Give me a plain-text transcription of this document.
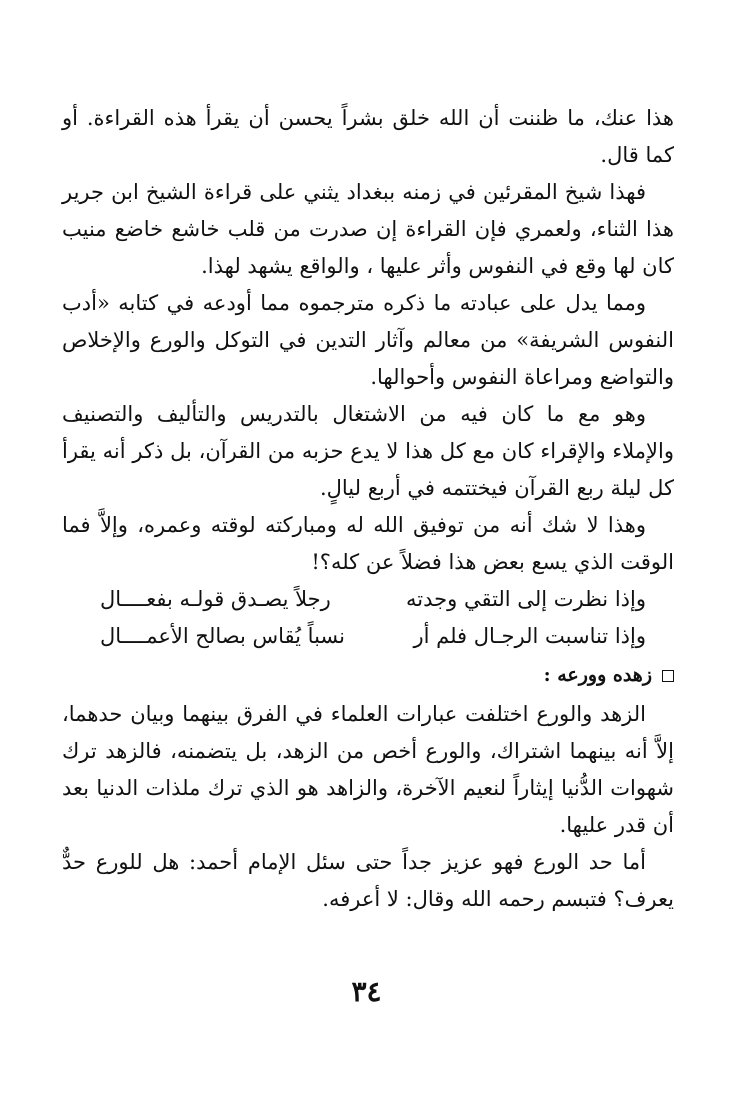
هذا عنك، ما ظننت أن الله خلق بشراً يحسن أن يقرأ هذه القراءة. أو كما قال.

فهذا شيخ المقرئين في زمنه ببغداد يثني على قراءة الشيخ ابن جرير هذا الثناء، ولعمري فإن القراءة إن صدرت من قلب خاشع خاضع منيب كان لها وقع في النفوس وأثر عليها ، والواقع يشهد لهذا.

ومما يدل على عبادته ما ذكره مترجموه مما أودعه في كتابه «أدب النفوس الشريفة» من معالم وآثار التدين في التوكل والورع والإخلاص والتواضع ومراعاة النفوس وأحوالها.

وهو مع ما كان فيه من الاشتغال بالتدريس والتأليف والتصنيف والإملاء والإقراء كان مع كل هذا لا يدع حزبه من القرآن، بل ذكر أنه يقرأ كل ليلة ربع القرآن فيختتمه في أربع ليالٍ.

وهذا لا شك أنه من توفيق الله له ومباركته لوقته وعمره، وإلاَّ فما الوقت الذي يسع بعض هذا فضلاً عن كله؟!

وإذا نظرت إلى التقي وجدته
رجلاً يصـدق قولـه بفعــــال
وإذا تناسبت الرجـال فلم أر
نسباً يُقاس بصالح الأعمــــال
زهده وورعه :

الزهد والورع اختلفت عبارات العلماء في الفرق بينهما وبيان حدهما، إلاَّ أنه بينهما اشتراك، والورع أخص من الزهد، بل يتضمنه، فالزهد ترك شهوات الدُّنيا إيثاراً لنعيم الآخرة، والزاهد هو الذي ترك ملذات الدنيا بعد أن قدر عليها.

أما حد الورع فهو عزيز جداً حتى سئل الإمام أحمد: هل للورع حدٌّ يعرف؟ فتبسم رحمه الله وقال: لا أعرفه.

٣٤
